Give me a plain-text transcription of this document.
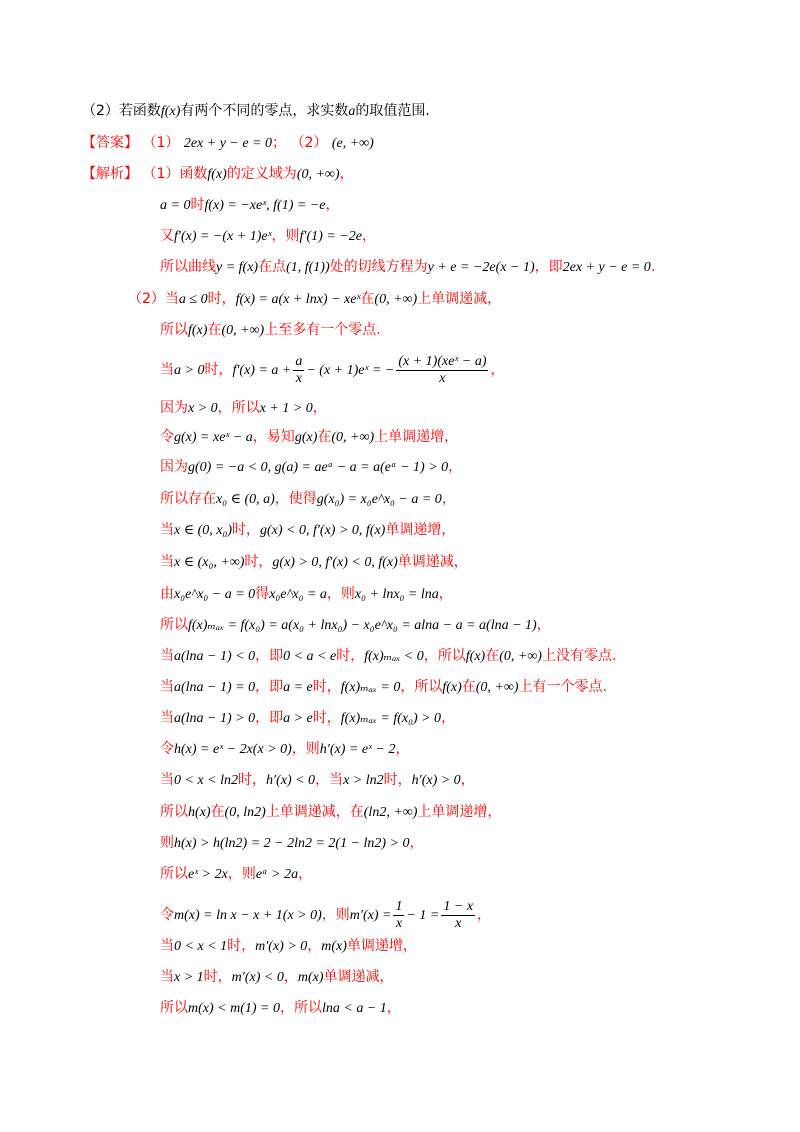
（2）若函数f(x)有两个不同的零点，求实数a的取值范围.
【答案】 （1） 2ex + y − e = 0； （2） (e, +∞)
【解析】 （1）函数f(x)的定义域为(0, +∞)，
a = 0时f(x) = −xeˣ, f(1) = −e，
又f′(x) = −(x + 1)eˣ，则f′(1) = −2e，
所以曲线y = f(x)在点(1, f(1))处的切线方程为y + e = −2e(x − 1)，即2ex + y − e = 0.
（2）当a ≤ 0时，f(x) = a(x + lnx) − xeˣ在(0, +∞)上单调递减，
所以f(x)在(0, +∞)上至多有一个零点.
当a > 0时，$f'(x) = a + \frac{a}{x} - (x$ + 1)eˣ = − $\frac{\text{(x + 1)(xeˣ − a)}}{x}$ ，
因为x > 0，所以x + 1 > 0，
令g(x) = xeˣ − a，易知g(x)在(0, +∞)上单调递增，
因为g(0) = −a < 0, g(a) = aeᵃ − a = a(eᵃ − 1) > 0，
所以存在x₀ ∈ (0, a)，使得g(x₀) = x₀e^x₀ − a = 0，
当x ∈ (0, x₀)时，g(x) < 0, f′(x) > 0, f(x)单调递增，
当x ∈ (x₀, +∞)时，g(x) > 0, f′(x) < 0, f(x)单调递减，
由x₀e^x₀ − a = 0得x₀e^x₀ = a，则x₀ + lnx₀ = lna，
所以f(x)ₘₐₓ = f(x₀) = a(x₀ + lnx₀) − x₀e^x₀ = alna − a = a(lna − 1)，
当a(lna − 1) < 0，即0 < a < e时，f(x)ₘₐₓ < 0，所以f(x)在(0, +∞)上没有零点.
当a(lna − 1) = 0，即a = e时，f(x)ₘₐₓ = 0，所以f(x)在(0, +∞)上有一个零点.
当a(lna − 1) > 0，即a > e时，f(x)ₘₐₓ = f(x₀) > 0，
令h(x) = eˣ − 2x(x > 0)，则h′(x) = eˣ − 2，
当0 < x < ln2时，h′(x) < 0，当x > ln2时，h′(x) > 0，
所以h(x)在(0, ln2)上单调递减，在(ln2, +∞)上单调递增，
则h(x) > h(ln2) = 2 − 2ln2 = 2(1 − ln2) > 0，
所以eˣ > 2x，则eᵃ > 2a，
令m(x) = ln x − x + 1(x > 0)，则$m'(x) = \frac{1}{x} - 1 = \frac{1 - x}{x}$ ，
当0 < x < 1时，m′(x) > 0，m(x)单调递增，
当x > 1时，m′(x) < 0，m(x)单调递减，
所以m(x) < m(1) = 0，所以lna < a − 1，
